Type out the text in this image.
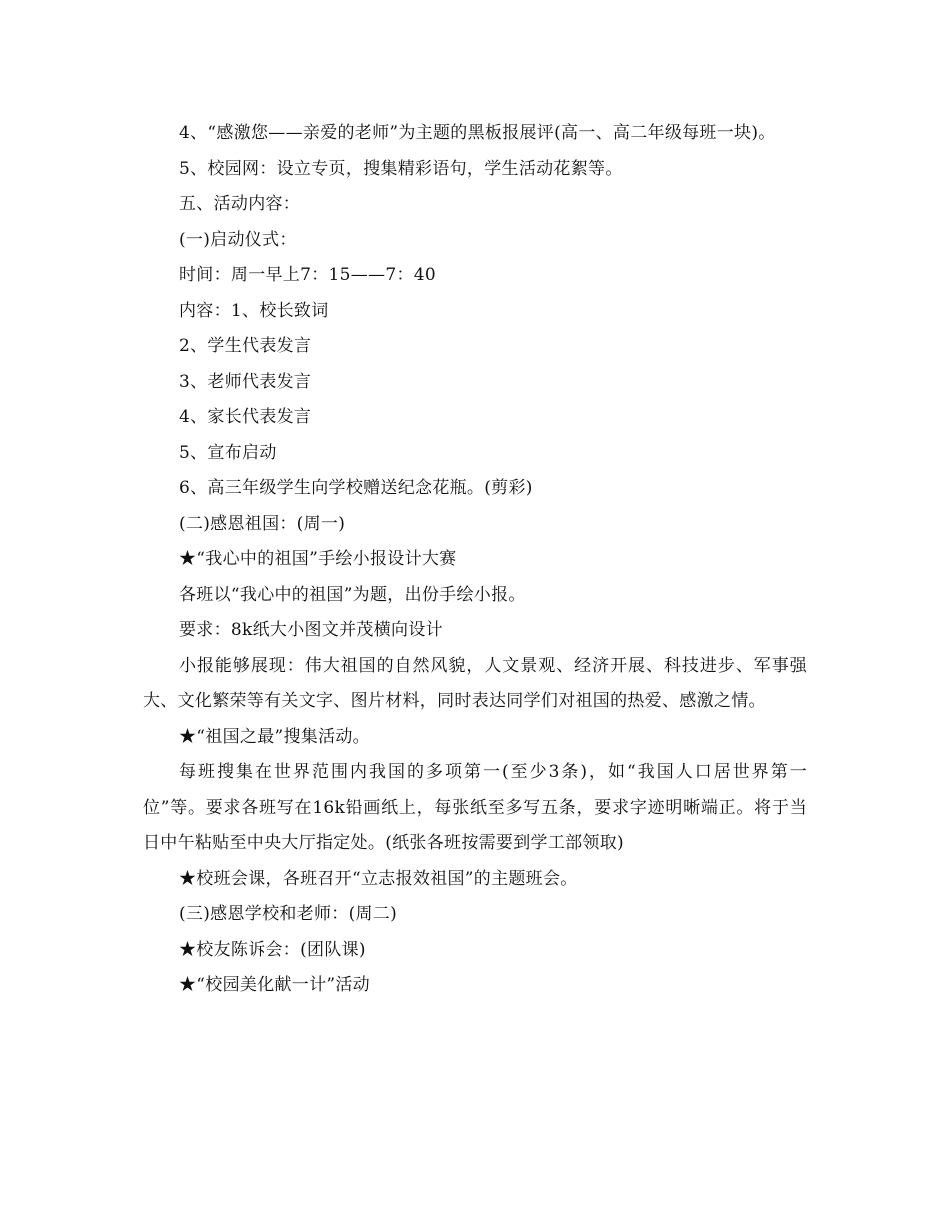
4、“感激您——亲爱的老师”为主题的黑板报展评(高一、高二年级每班一块)。

5、校园网：设立专页，搜集精彩语句，学生活动花絮等。

五、活动内容：

(一)启动仪式：

时间：周一早上7：15——7：40

内容：1、校长致词

2、学生代表发言

3、老师代表发言

4、家长代表发言

5、宣布启动

6、高三年级学生向学校赠送纪念花瓶。(剪彩)

(二)感恩祖国：(周一)

★“我心中的祖国”手绘小报设计大赛

各班以“我心中的祖国”为题，出份手绘小报。

要求：8k纸大小图文并茂横向设计

小报能够展现：伟大祖国的自然风貌，人文景观、经济开展、科技进步、军事强大、文化繁荣等有关文字、图片材料，同时表达同学们对祖国的热爱、感激之情。

★“祖国之最”搜集活动。

每班搜集在世界范围内我国的多项第一(至少3条)，如“我国人口居世界第一位”等。要求各班写在16k铅画纸上，每张纸至多写五条，要求字迹明晰端正。将于当日中午粘贴至中央大厅指定处。(纸张各班按需要到学工部领取)

★校班会课，各班召开“立志报效祖国”的主题班会。

(三)感恩学校和老师：(周二)

★校友陈诉会：(团队课)

★“校园美化献一计”活动
